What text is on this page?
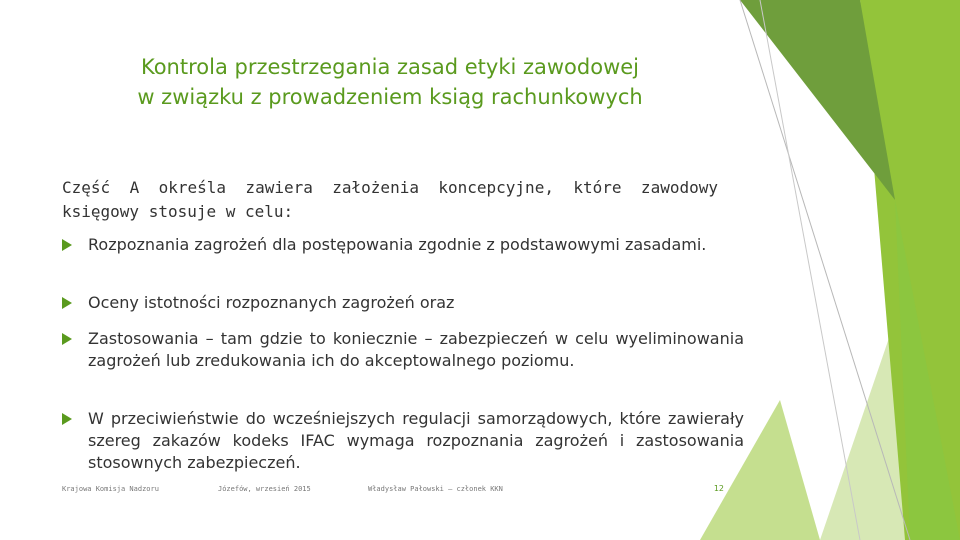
Kontrola przestrzegania zasad etyki zawodowej
w związku z prowadzeniem ksiąg rachunkowych
Część A określa zawiera założenia koncepcyjne, które zawodowy księgowy stosuje w celu:
Rozpoznania zagrożeń dla postępowania zgodnie z podstawowymi zasadami.
Oceny istotności rozpoznanych zagrożeń oraz
Zastosowania – tam gdzie to koniecznie – zabezpieczeń w celu wyeliminowania zagrożeń lub zredukowania ich do akceptowalnego poziomu.
W przeciwieństwie do wcześniejszych regulacji samorządowych, które zawierały szereg zakazów kodeks IFAC wymaga rozpoznania zagrożeń i zastosowania stosownych zabezpieczeń.
Krajowa Komisja Nadzoru	Józefów, wrzesień 2015	Władysław Pałowski – członek KKN	12
